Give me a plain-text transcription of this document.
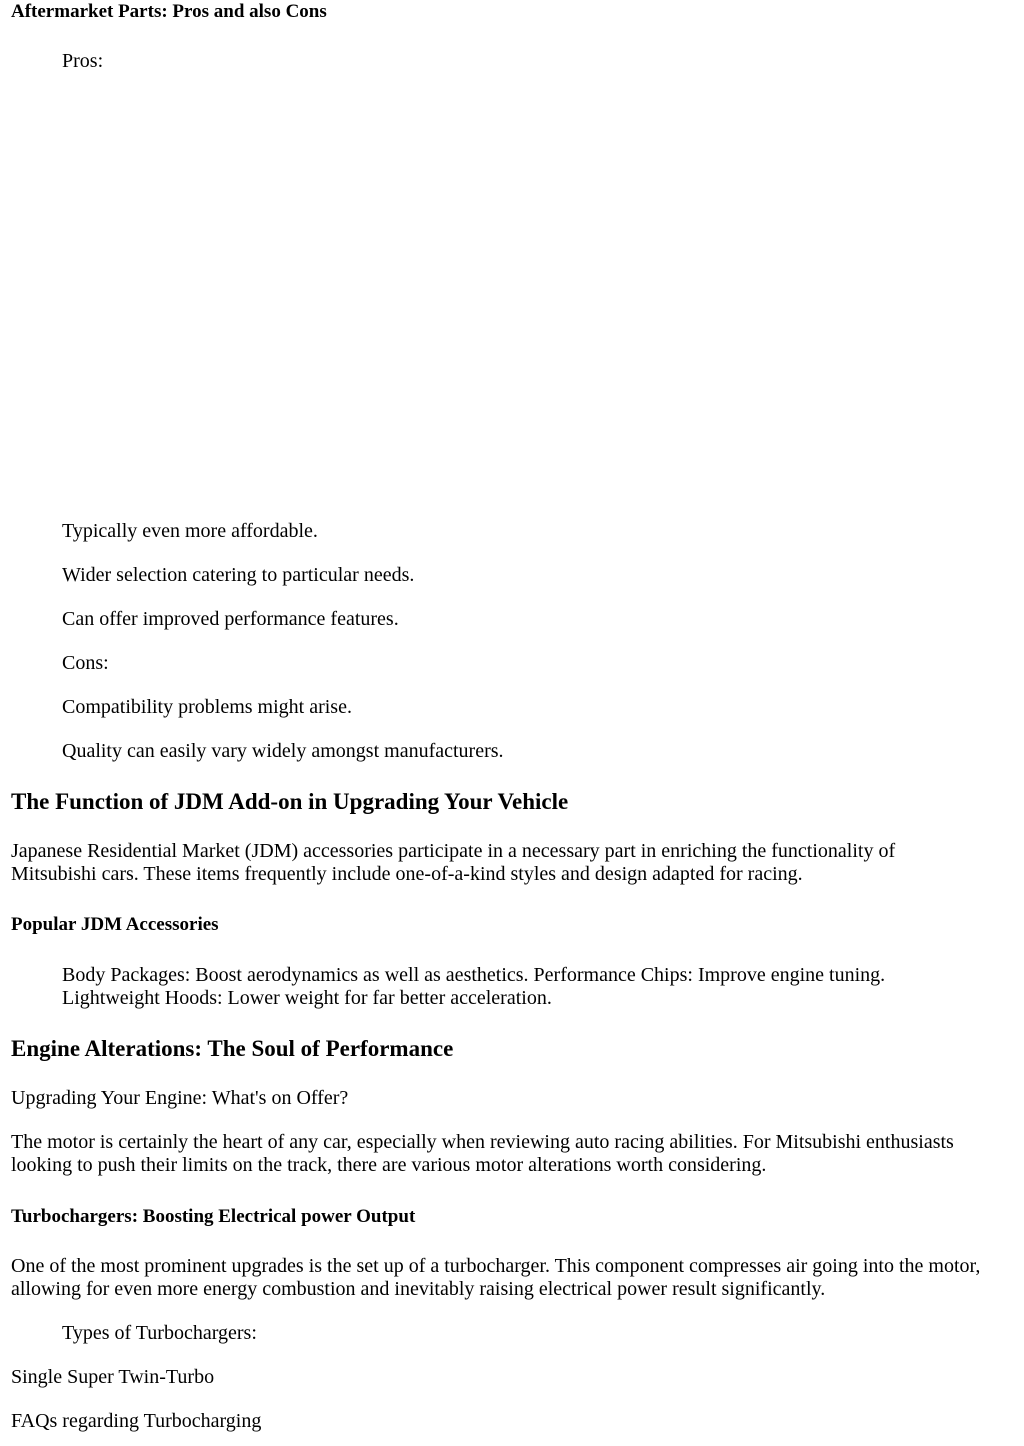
Aftermarket Parts: Pros and also Cons
Pros:
Typically even more affordable.
Wider selection catering to particular needs.
Can offer improved performance features.
Cons:
Compatibility problems might arise.
Quality can easily vary widely amongst manufacturers.
The Function of JDM Add-on in Upgrading Your Vehicle
Japanese Residential Market (JDM) accessories participate in a necessary part in enriching the functionality of
Mitsubishi cars. These items frequently include one-of-a-kind styles and design adapted for racing.
Popular JDM Accessories
Body Packages: Boost aerodynamics as well as aesthetics. Performance Chips: Improve engine tuning.
Lightweight Hoods: Lower weight for far better acceleration.
Engine Alterations: The Soul of Performance
Upgrading Your Engine: What's on Offer?
The motor is certainly the heart of any car, especially when reviewing auto racing abilities. For Mitsubishi enthusiasts
looking to push their limits on the track, there are various motor alterations worth considering.
Turbochargers: Boosting Electrical power Output
One of the most prominent upgrades is the set up of a turbocharger. This component compresses air going into the motor,
allowing for even more energy combustion and inevitably raising electrical power result significantly.
Types of Turbochargers:
Single Super Twin-Turbo
FAQs regarding Turbocharging
